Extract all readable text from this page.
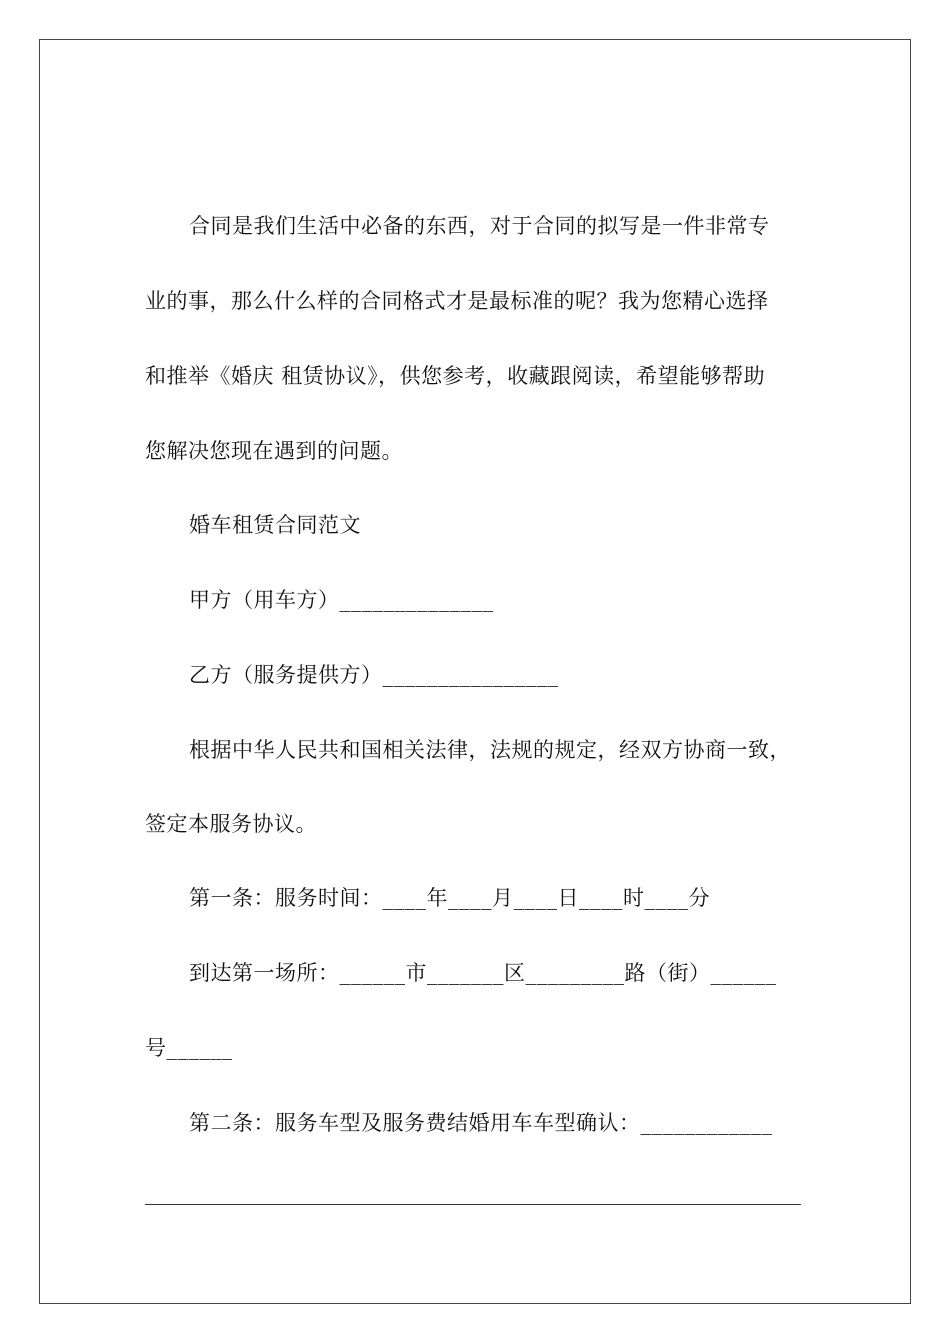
合同是我们生活中必备的东西，对于合同的拟写是一件非常专
业的事，那么什么样的合同格式才是最标准的呢？我为您精心选择
和推举《婚庆 租赁协议》，供您参考，收藏跟阅读，希望能够帮助
您解决您现在遇到的问题。
婚车租赁合同范文
甲方（用车方）______________
乙方（服务提供方）________________
根据中华人民共和国相关法律，法规的规定，经双方协商一致，
签定本服务协议。
第一条：服务时间：____年____月____日____时____分
到达第一场所：______市_______区_________路（街）______
号______
第二条：服务车型及服务费结婚用车车型确认：____________
